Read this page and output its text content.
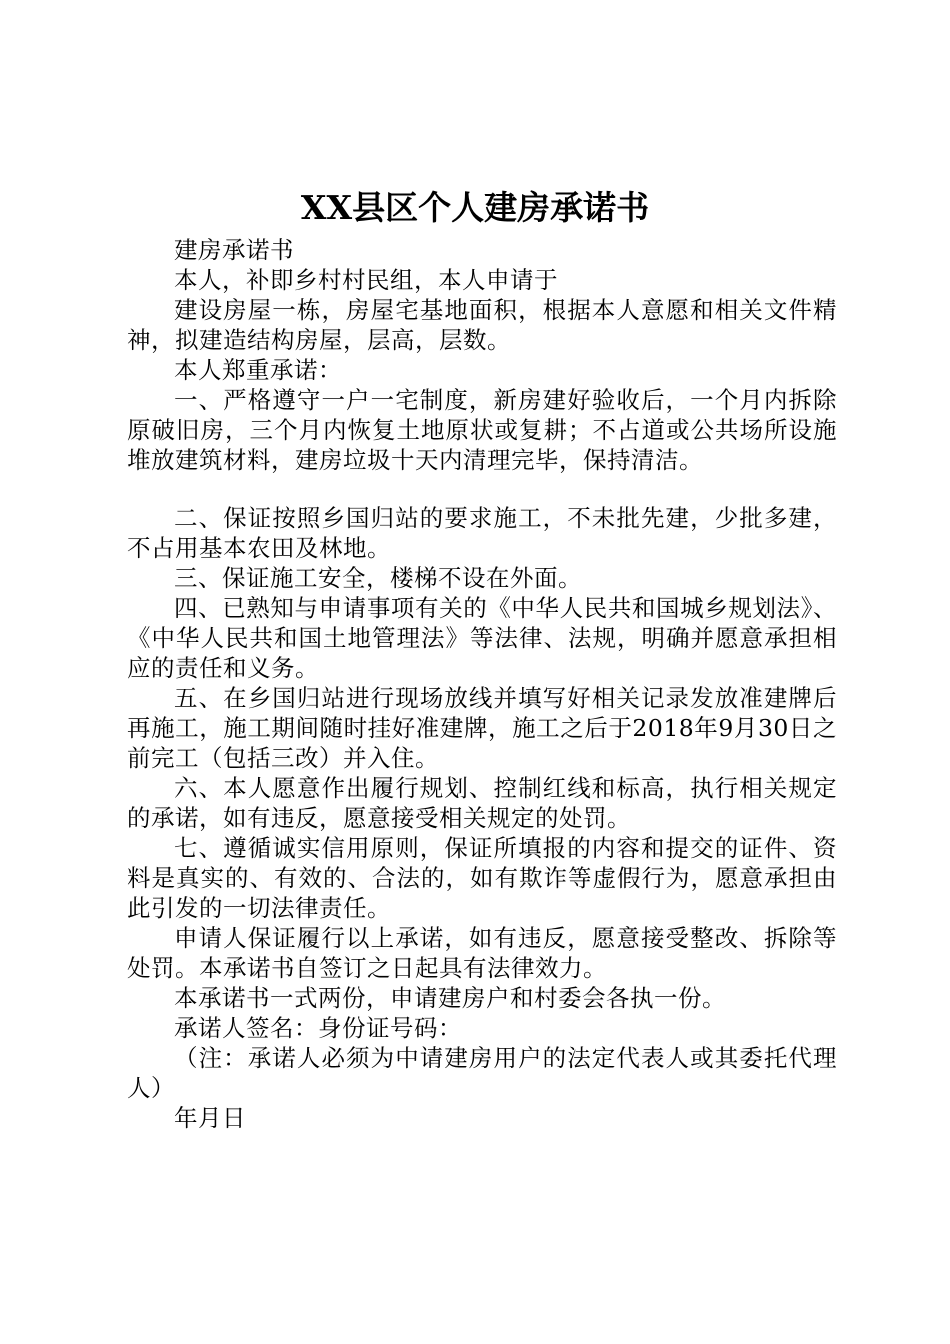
XX县区个人建房承诺书

建房承诺书

本人，补即乡村村民组，本人申请于

建设房屋一栋，房屋宅基地面积，根据本人意愿和相关文件精神，拟建造结构房屋，层高，层数。

本人郑重承诺：

一、严格遵守一户一宅制度，新房建好验收后，一个月内拆除原破旧房，三个月内恢复土地原状或复耕；不占道或公共场所设施堆放建筑材料，建房垃圾十天内清理完毕，保持清洁。

二、保证按照乡国归站的要求施工，不未批先建，少批多建，不占用基本农田及林地。

三、保证施工安全，楼梯不设在外面。

四、已熟知与申请事项有关的《中华人民共和国城乡规划法》、《中华人民共和国土地管理法》等法律、法规，明确并愿意承担相应的责任和义务。

五、在乡国归站进行现场放线并填写好相关记录发放准建牌后再施工，施工期间随时挂好准建牌，施工之后于2018年9月30日之前完工（包括三改）并入住。

六、本人愿意作出履行规划、控制红线和标高，执行相关规定的承诺，如有违反，愿意接受相关规定的处罚。

七、遵循诚实信用原则，保证所填报的内容和提交的证件、资料是真实的、有效的、合法的，如有欺诈等虚假行为，愿意承担由此引发的一切法律责任。

申请人保证履行以上承诺，如有违反，愿意接受整改、拆除等处罚。本承诺书自签订之日起具有法律效力。

本承诺书一式两份，申请建房户和村委会各执一份。

承诺人签名：身份证号码：

（注：承诺人必须为中请建房用户的法定代表人或其委托代理人）

年月日
